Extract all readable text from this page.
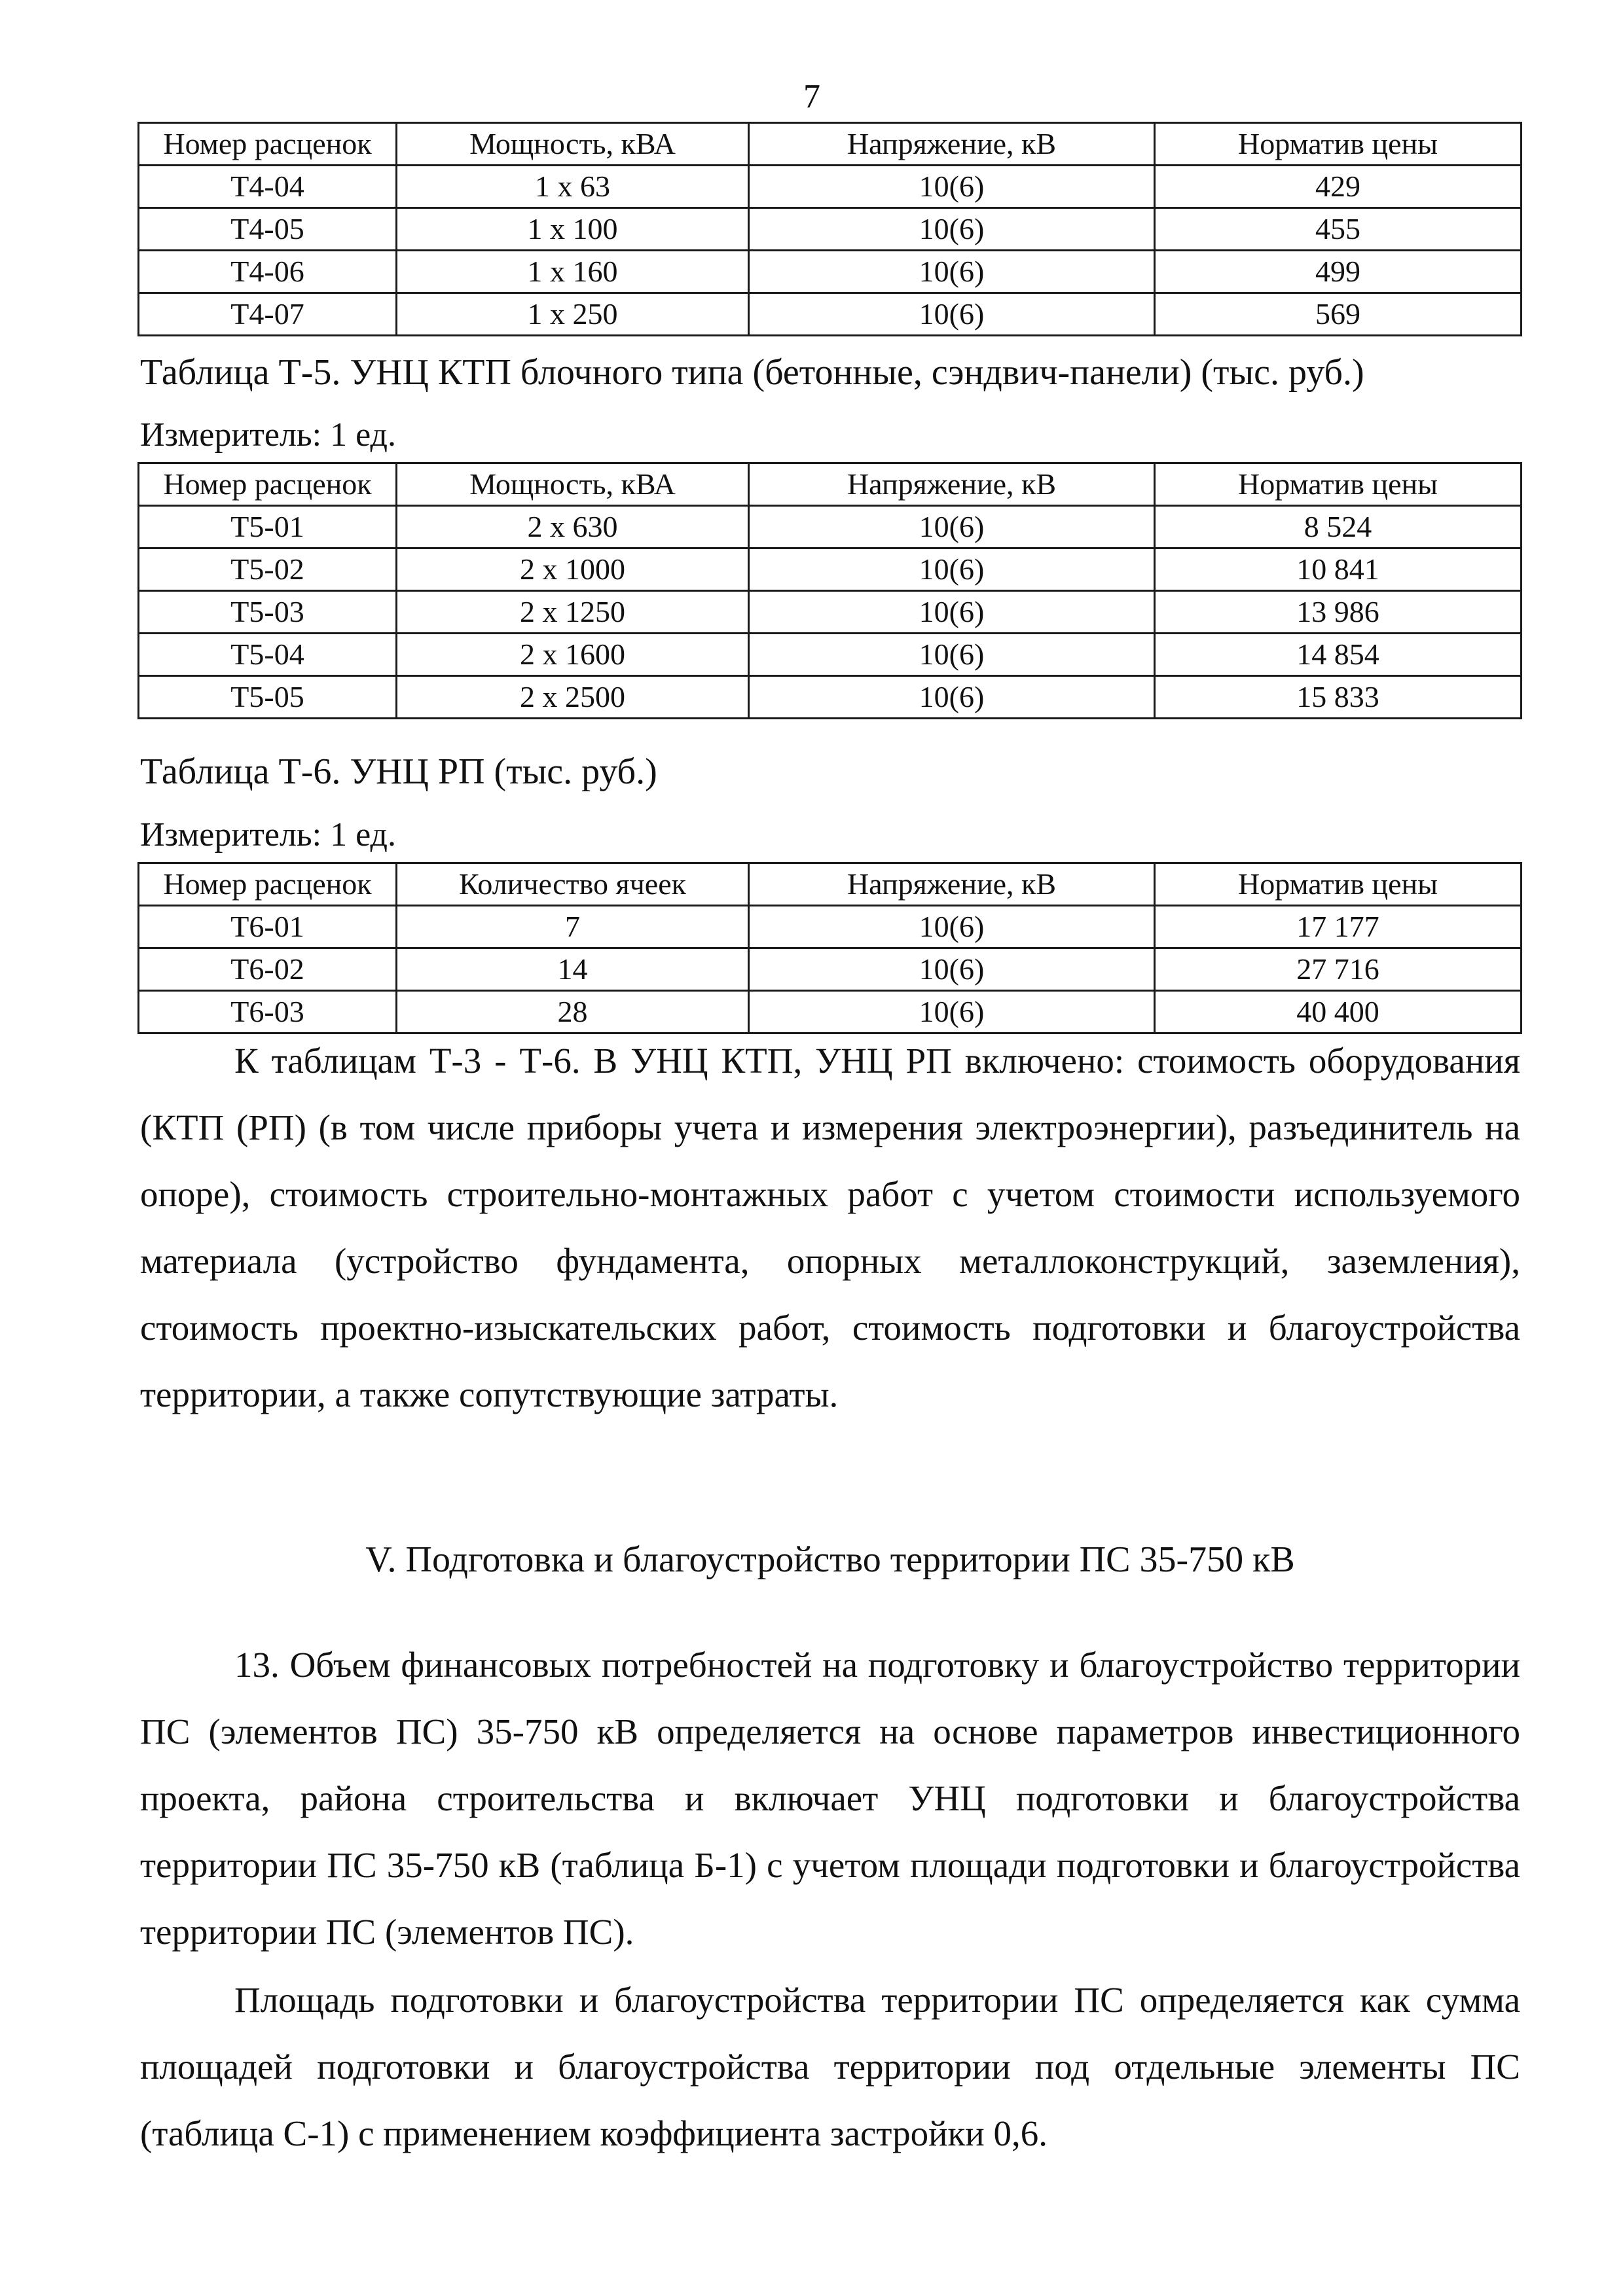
7
Номер расценок	Мощность, кВА	Напряжение, кВ	Норматив цены
Т4-04	1 x 63	10(6)	429
Т4-05	1 x 100	10(6)	455
Т4-06	1 x 160	10(6)	499
Т4-07	1 x 250	10(6)	569
Таблица Т-5. УНЦ КТП блочного типа (бетонные, сэндвич-панели) (тыс. руб.)
Измеритель: 1 ед.
Номер расценок	Мощность, кВА	Напряжение, кВ	Норматив цены
Т5-01	2 x 630	10(6)	8 524
Т5-02	2 x 1000	10(6)	10 841
Т5-03	2 x 1250	10(6)	13 986
Т5-04	2 x 1600	10(6)	14 854
Т5-05	2 x 2500	10(6)	15 833
Таблица Т-6. УНЦ РП (тыс. руб.)
Измеритель: 1 ед.
Номер расценок	Количество ячеек	Напряжение, кВ	Норматив цены
Т6-01	7	10(6)	17 177
Т6-02	14	10(6)	27 716
Т6-03	28	10(6)	40 400

К таблицам Т-3 - Т-6. В УНЦ КТП, УНЦ РП включено: стоимость оборудования (КТП (РП) (в том числе приборы учета и измерения электроэнергии), разъединитель на опоре), стоимость строительно-монтажных работ с учетом стоимости используемого материала (устройство фундамента, опорных металлоконструкций, заземления), стоимость проектно-изыскательских работ, стоимость подготовки и благоустройства территории, а также сопутствующие затраты.

V. Подготовка и благоустройство территории ПС 35-750 кВ

13. Объем финансовых потребностей на подготовку и благоустройство территории ПС (элементов ПС) 35-750 кВ определяется на основе параметров инвестиционного проекта, района строительства и включает УНЦ подготовки и благоустройства территории ПС 35-750 кВ (таблица Б-1) с учетом площади подготовки и благоустройства территории ПС (элементов ПС).

Площадь подготовки и благоустройства территории ПС определяется как сумма площадей подготовки и благоустройства территории под отдельные элементы ПС (таблица С-1) с применением коэффициента застройки 0,6.
